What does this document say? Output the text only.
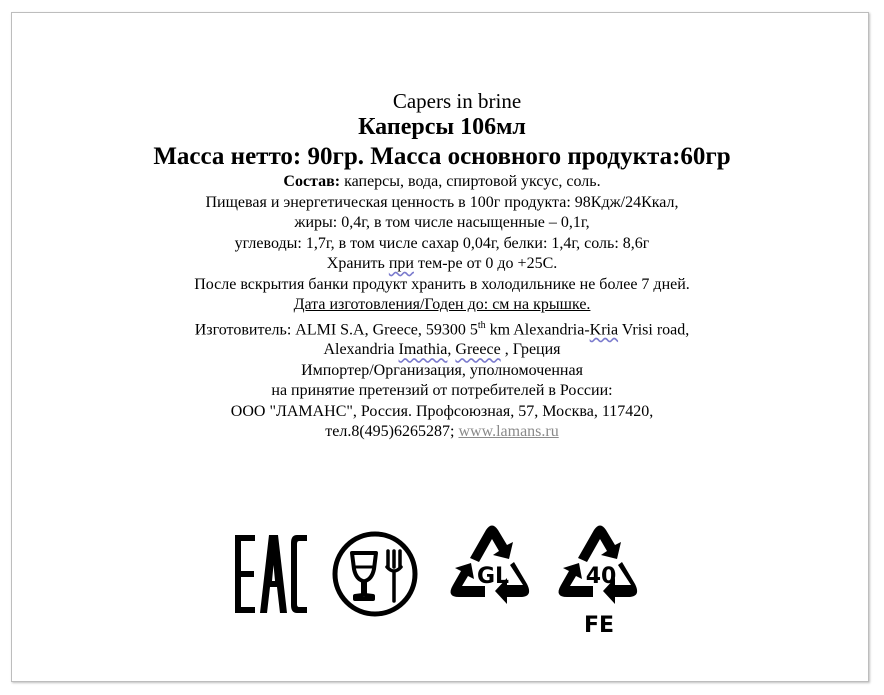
Capers in brine
Каперсы 106мл
Масса нетто: 90гр. Масса основного продукта:60гр
Состав: каперсы, вода, спиртовой уксус, соль.
Пищевая и энергетическая ценность в 100г продукта: 98Кдж/24Ккал,
жиры: 0,4г, в том числе насыщенные – 0,1г,
углеводы: 1,7г, в том числе сахар 0,04г, белки: 1,4г, соль: 8,6г
Хранить при тем-ре от 0 до +25С.
После вскрытия банки продукт хранить в холодильнике не более 7 дней.
Дата изготовления/Годен до: см на крышке.
Изготовитель: ALMI S.A, Greece, 59300 5th km Alexandria-Kria Vrisi road,
Alexandria Imathia, Greece , Греция
Импортер/Организация, уполномоченная
на принятие претензий от потребителей в России:
ООО "ЛАМАНС", Россия. Профсоюзная, 57, Москва, 117420,
тел.8(495)6265287; www.lamans.ru
GL	40
FE
